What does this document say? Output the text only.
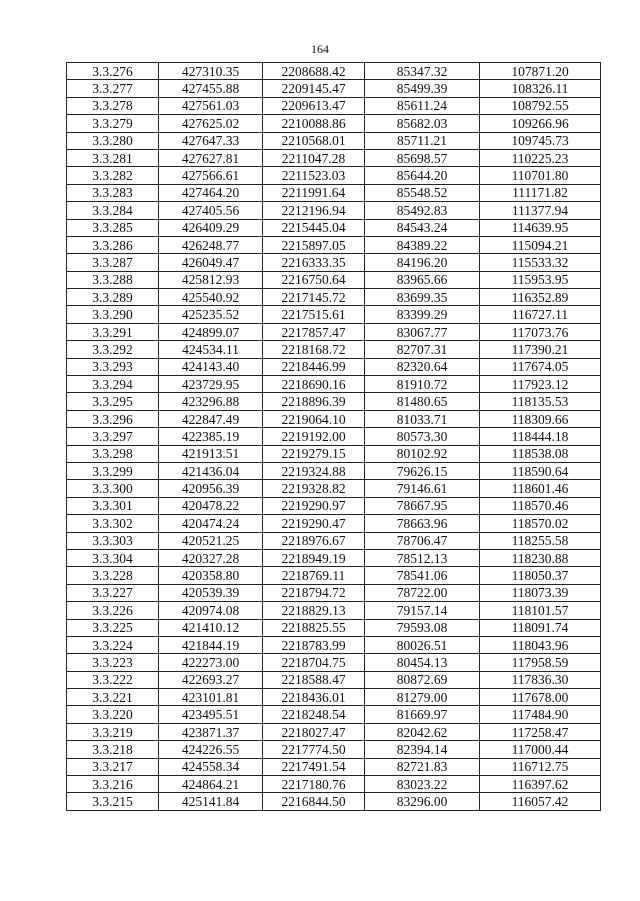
164
3.3.276	427310.35	2208688.42	85347.32	107871.20
3.3.277	427455.88	2209145.47	85499.39	108326.11
3.3.278	427561.03	2209613.47	85611.24	108792.55
3.3.279	427625.02	2210088.86	85682.03	109266.96
3.3.280	427647.33	2210568.01	85711.21	109745.73
3.3.281	427627.81	2211047.28	85698.57	110225.23
3.3.282	427566.61	2211523.03	85644.20	110701.80
3.3.283	427464.20	2211991.64	85548.52	111171.82
3.3.284	427405.56	2212196.94	85492.83	111377.94
3.3.285	426409.29	2215445.04	84543.24	114639.95
3.3.286	426248.77	2215897.05	84389.22	115094.21
3.3.287	426049.47	2216333.35	84196.20	115533.32
3.3.288	425812.93	2216750.64	83965.66	115953.95
3.3.289	425540.92	2217145.72	83699.35	116352.89
3.3.290	425235.52	2217515.61	83399.29	116727.11
3.3.291	424899.07	2217857.47	83067.77	117073.76
3.3.292	424534.11	2218168.72	82707.31	117390.21
3.3.293	424143.40	2218446.99	82320.64	117674.05
3.3.294	423729.95	2218690.16	81910.72	117923.12
3.3.295	423296.88	2218896.39	81480.65	118135.53
3.3.296	422847.49	2219064.10	81033.71	118309.66
3.3.297	422385.19	2219192.00	80573.30	118444.18
3.3.298	421913.51	2219279.15	80102.92	118538.08
3.3.299	421436.04	2219324.88	79626.15	118590.64
3.3.300	420956.39	2219328.82	79146.61	118601.46
3.3.301	420478.22	2219290.97	78667.95	118570.46
3.3.302	420474.24	2219290.47	78663.96	118570.02
3.3.303	420521.25	2218976.67	78706.47	118255.58
3.3.304	420327.28	2218949.19	78512.13	118230.88
3.3.228	420358.80	2218769.11	78541.06	118050.37
3.3.227	420539.39	2218794.72	78722.00	118073.39
3.3.226	420974.08	2218829.13	79157.14	118101.57
3.3.225	421410.12	2218825.55	79593.08	118091.74
3.3.224	421844.19	2218783.99	80026.51	118043.96
3.3.223	422273.00	2218704.75	80454.13	117958.59
3.3.222	422693.27	2218588.47	80872.69	117836.30
3.3.221	423101.81	2218436.01	81279.00	117678.00
3.3.220	423495.51	2218248.54	81669.97	117484.90
3.3.219	423871.37	2218027.47	82042.62	117258.47
3.3.218	424226.55	2217774.50	82394.14	117000.44
3.3.217	424558.34	2217491.54	82721.83	116712.75
3.3.216	424864.21	2217180.76	83023.22	116397.62
3.3.215	425141.84	2216844.50	83296.00	116057.42
